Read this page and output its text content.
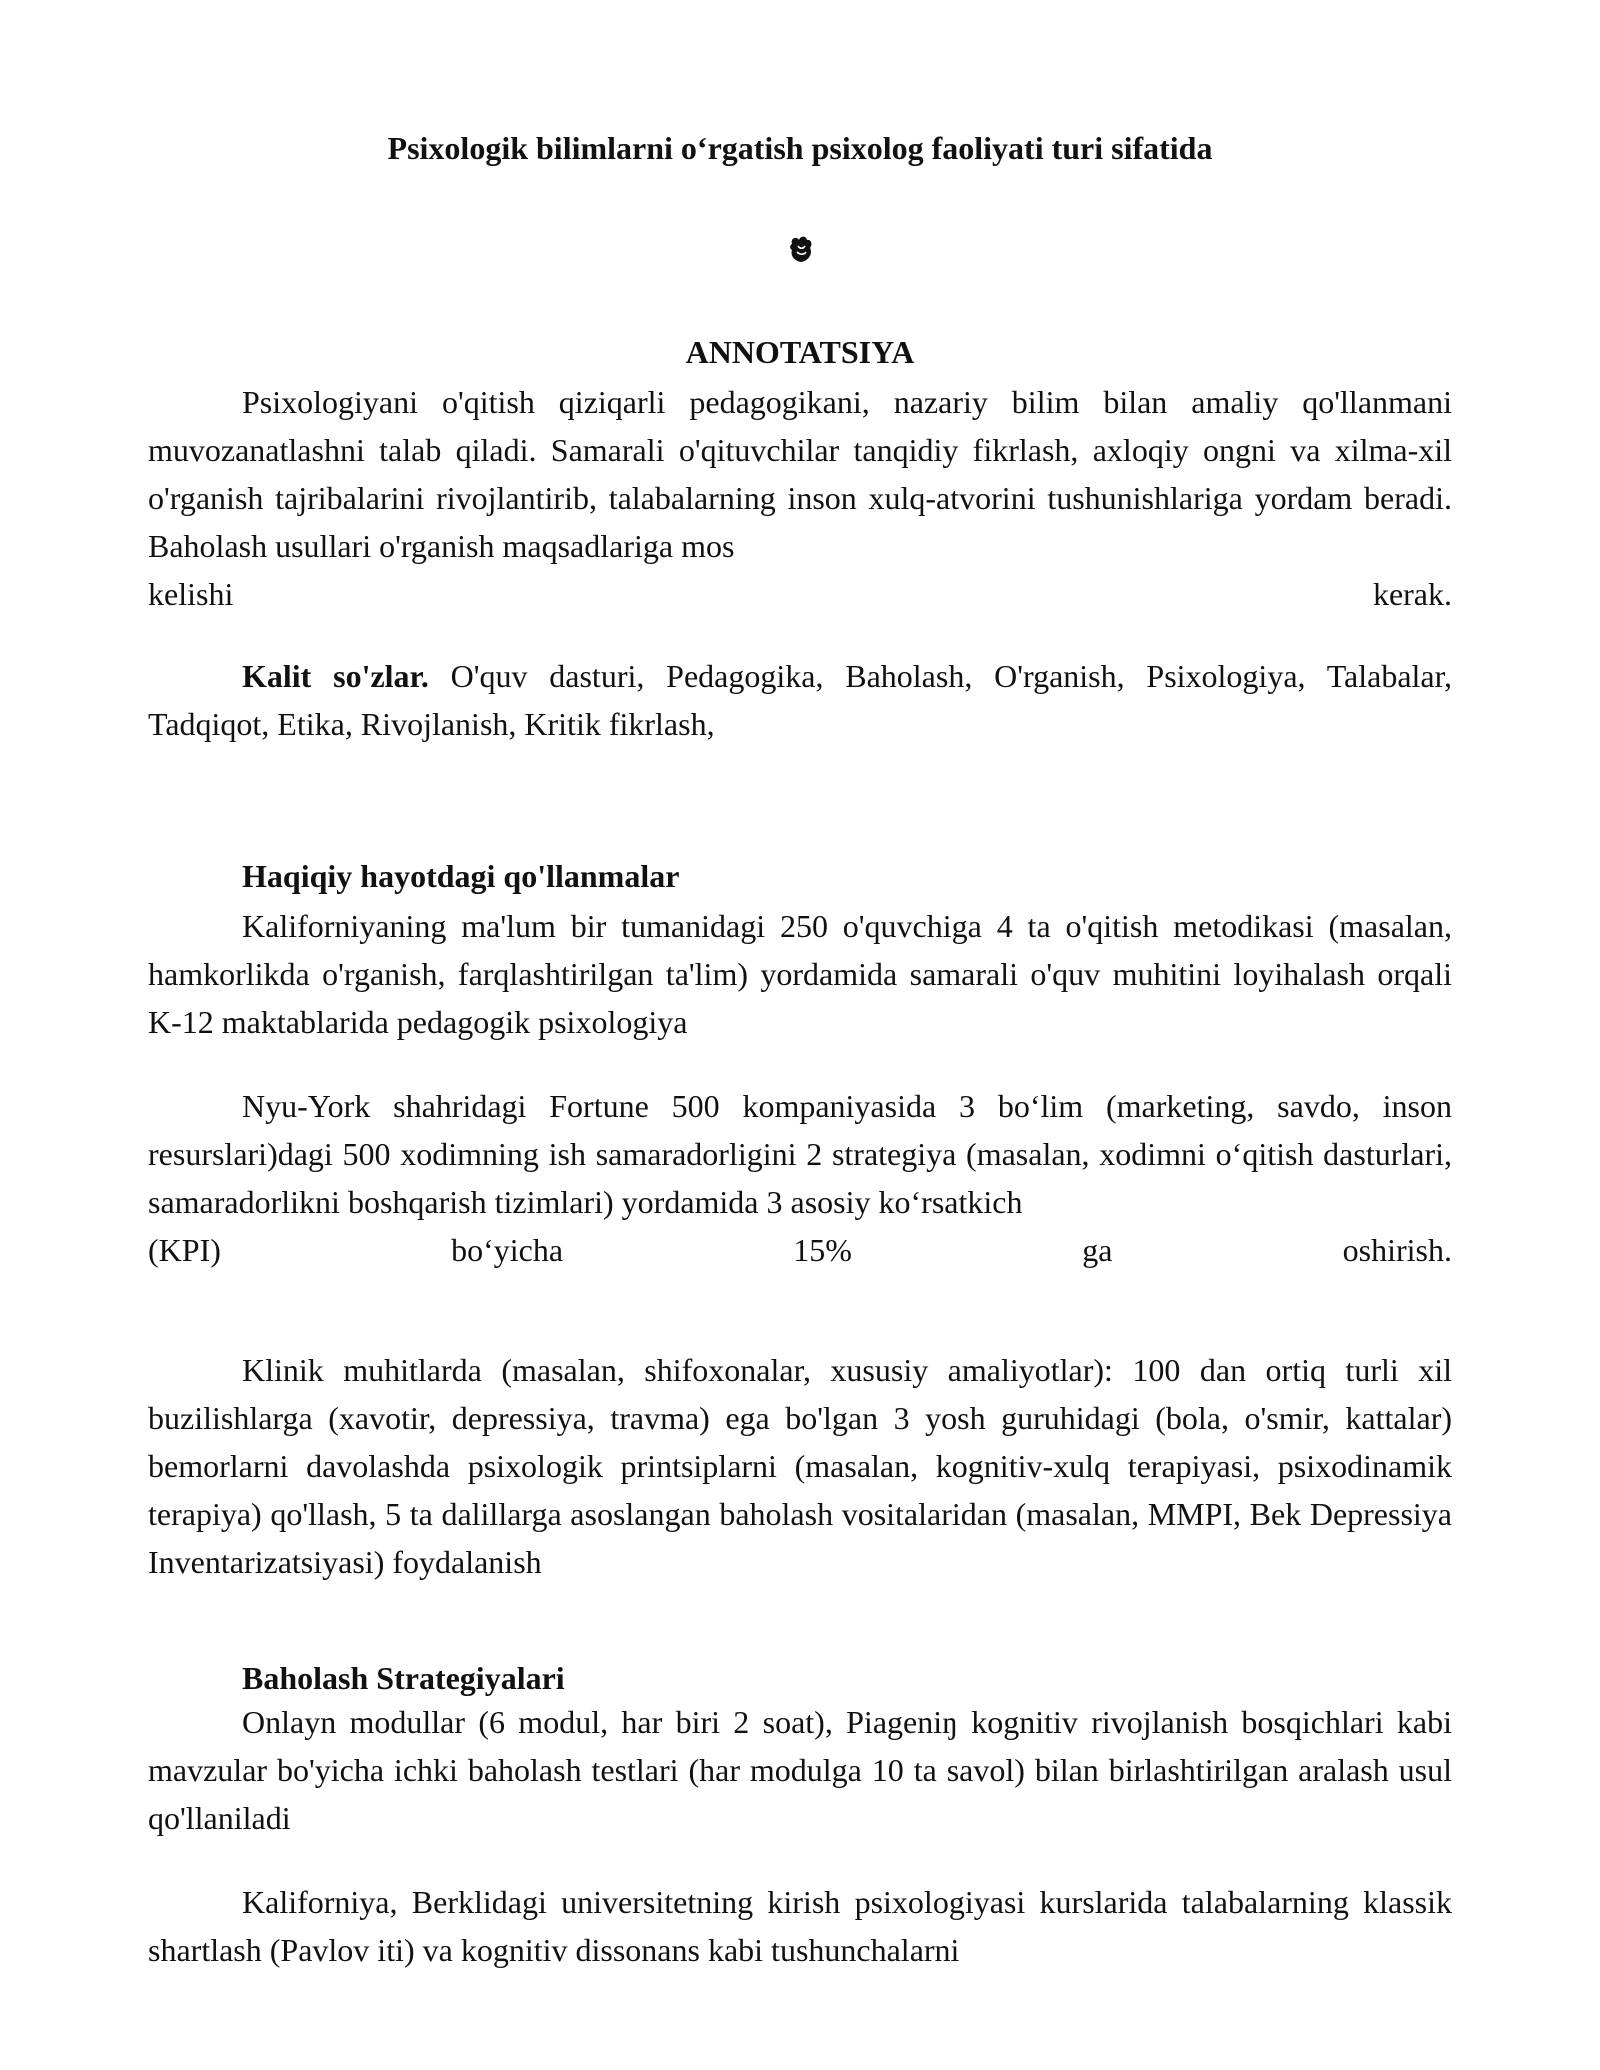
Psixologik bilimlarni o‘rgatish psixolog faoliyati turi sifatida
ANNOTATSIYA
Psixologiyani o'qitish qiziqarli pedagogikani, nazariy bilim bilan amaliy qo'llanmani muvozanatlashni talab qiladi. Samarali o'qituvchilar tanqidiy fikrlash, axloqiy ongni va xilma-xil o'rganish tajribalarini rivojlantirib, talabalarning inson xulq-atvorini tushunishlariga yordam beradi. Baholash usullari o'rganish maqsadlariga mos
kelishi	kerak.
Kalit so'zlar. O'quv dasturi, Pedagogika, Baholash, O'rganish, Psixologiya, Talabalar, Tadqiqot, Etika, Rivojlanish, Kritik fikrlash,
Haqiqiy hayotdagi qo'llanmalar
Kaliforniyaning ma'lum bir tumanidagi 250 o'quvchiga 4 ta o'qitish metodikasi (masalan, hamkorlikda o'rganish, farqlashtirilgan ta'lim) yordamida samarali o'quv muhitini loyihalash orqali K-12 maktablarida pedagogik psixologiya
Nyu-York shahridagi Fortune 500 kompaniyasida 3 bo‘lim (marketing, savdo, inson resurslari)dagi 500 xodimning ish samaradorligini 2 strategiya (masalan, xodimni o‘qitish dasturlari, samaradorlikni boshqarish tizimlari) yordamida 3 asosiy ko‘rsatkich
(KPI)	bo‘yicha	15%	ga	oshirish.
Klinik muhitlarda (masalan, shifoxonalar, xususiy amaliyotlar): 100 dan ortiq turli xil buzilishlarga (xavotir, depressiya, travma) ega bo'lgan 3 yosh guruhidagi (bola, o'smir, kattalar) bemorlarni davolashda psixologik printsiplarni (masalan, kognitiv-xulq terapiyasi, psixodinamik terapiya) qo'llash, 5 ta dalillarga asoslangan baholash vositalaridan (masalan, MMPI, Bek Depressiya Inventarizatsiyasi) foydalanish
Baholash Strategiyalari
Onlayn modullar (6 modul, har biri 2 soat), Piageniŋ kognitiv rivojlanish bosqichlari kabi mavzular bo'yicha ichki baholash testlari (har modulga 10 ta savol) bilan birlashtirilgan aralash usul qo'llaniladi
Kaliforniya, Berklidagi universitetning kirish psixologiyasi kurslarida talabalarning klassik shartlash (Pavlov iti) va kognitiv dissonans kabi tushunchalarni
